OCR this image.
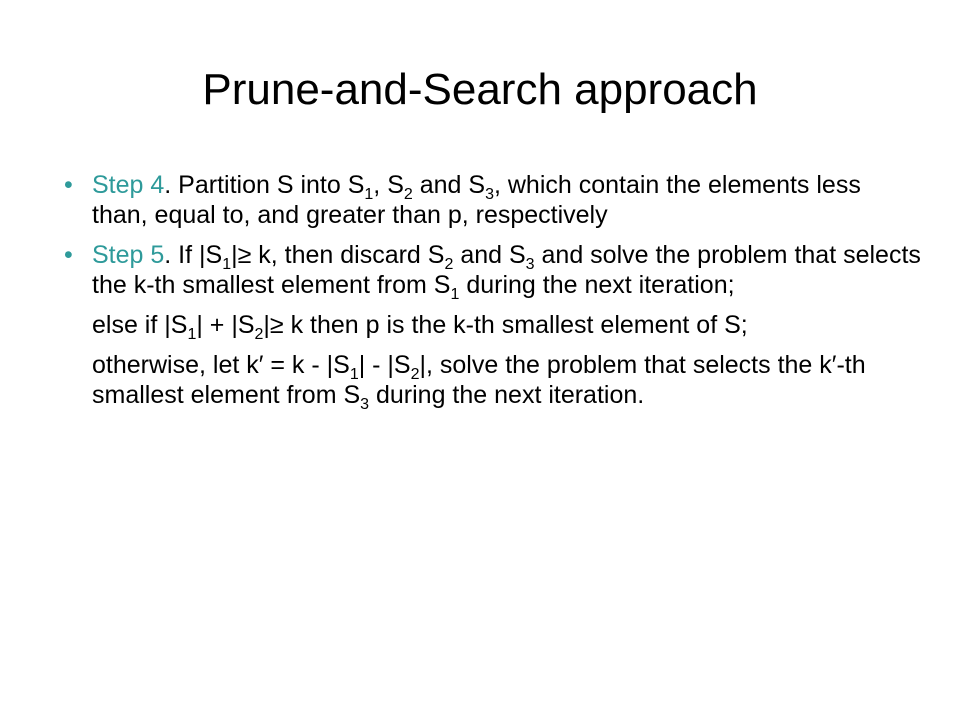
Prune-and-Search approach
• Step 4. Partition S into $S_1$, $S_2$ and $S_3$, which contain the elements less than, equal to, and greater than p, respectively
• Step 5. If $|S_1|\ge k$, then discard $S_2$ and $S_3$ and solve the problem that selects the k-th smallest element from $S_1$ during the next iteration;
else if $|S_1| + |S_2|\ge k$ then p is the k-th smallest element of S;
otherwise, let $k' = k - |S_1| - |S_2|$, solve the problem that selects the k′-th smallest element from $S_3$ during the next iteration.
